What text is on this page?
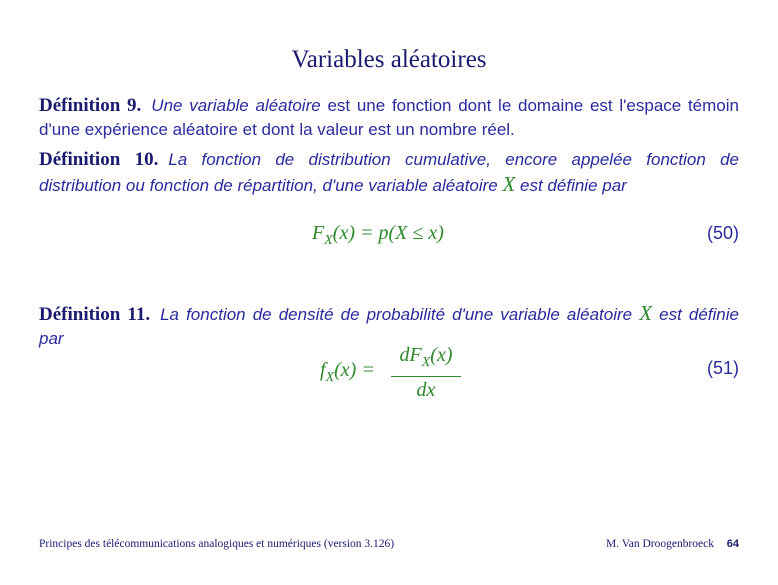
Variables aléatoires
Définition 9. Une variable aléatoire est une fonction dont le domaine est l'espace témoin d'une expérience aléatoire et dont la valeur est un nombre réel.
Définition 10. La fonction de distribution cumulative, encore appelée fonction de distribution ou fonction de répartition, d'une variable aléatoire X est définie par
$F_X(x) = p(X \le x)$	(50)
Définition 11. La fonction de densité de probabilité d'une variable aléatoire X est définie par
$f_X(x)$ =
$dF_X(x)$
dx
(51)
Principes des télécommunications analogiques et numériques (version 3.126)	M. Van Droogenbroeck 64
